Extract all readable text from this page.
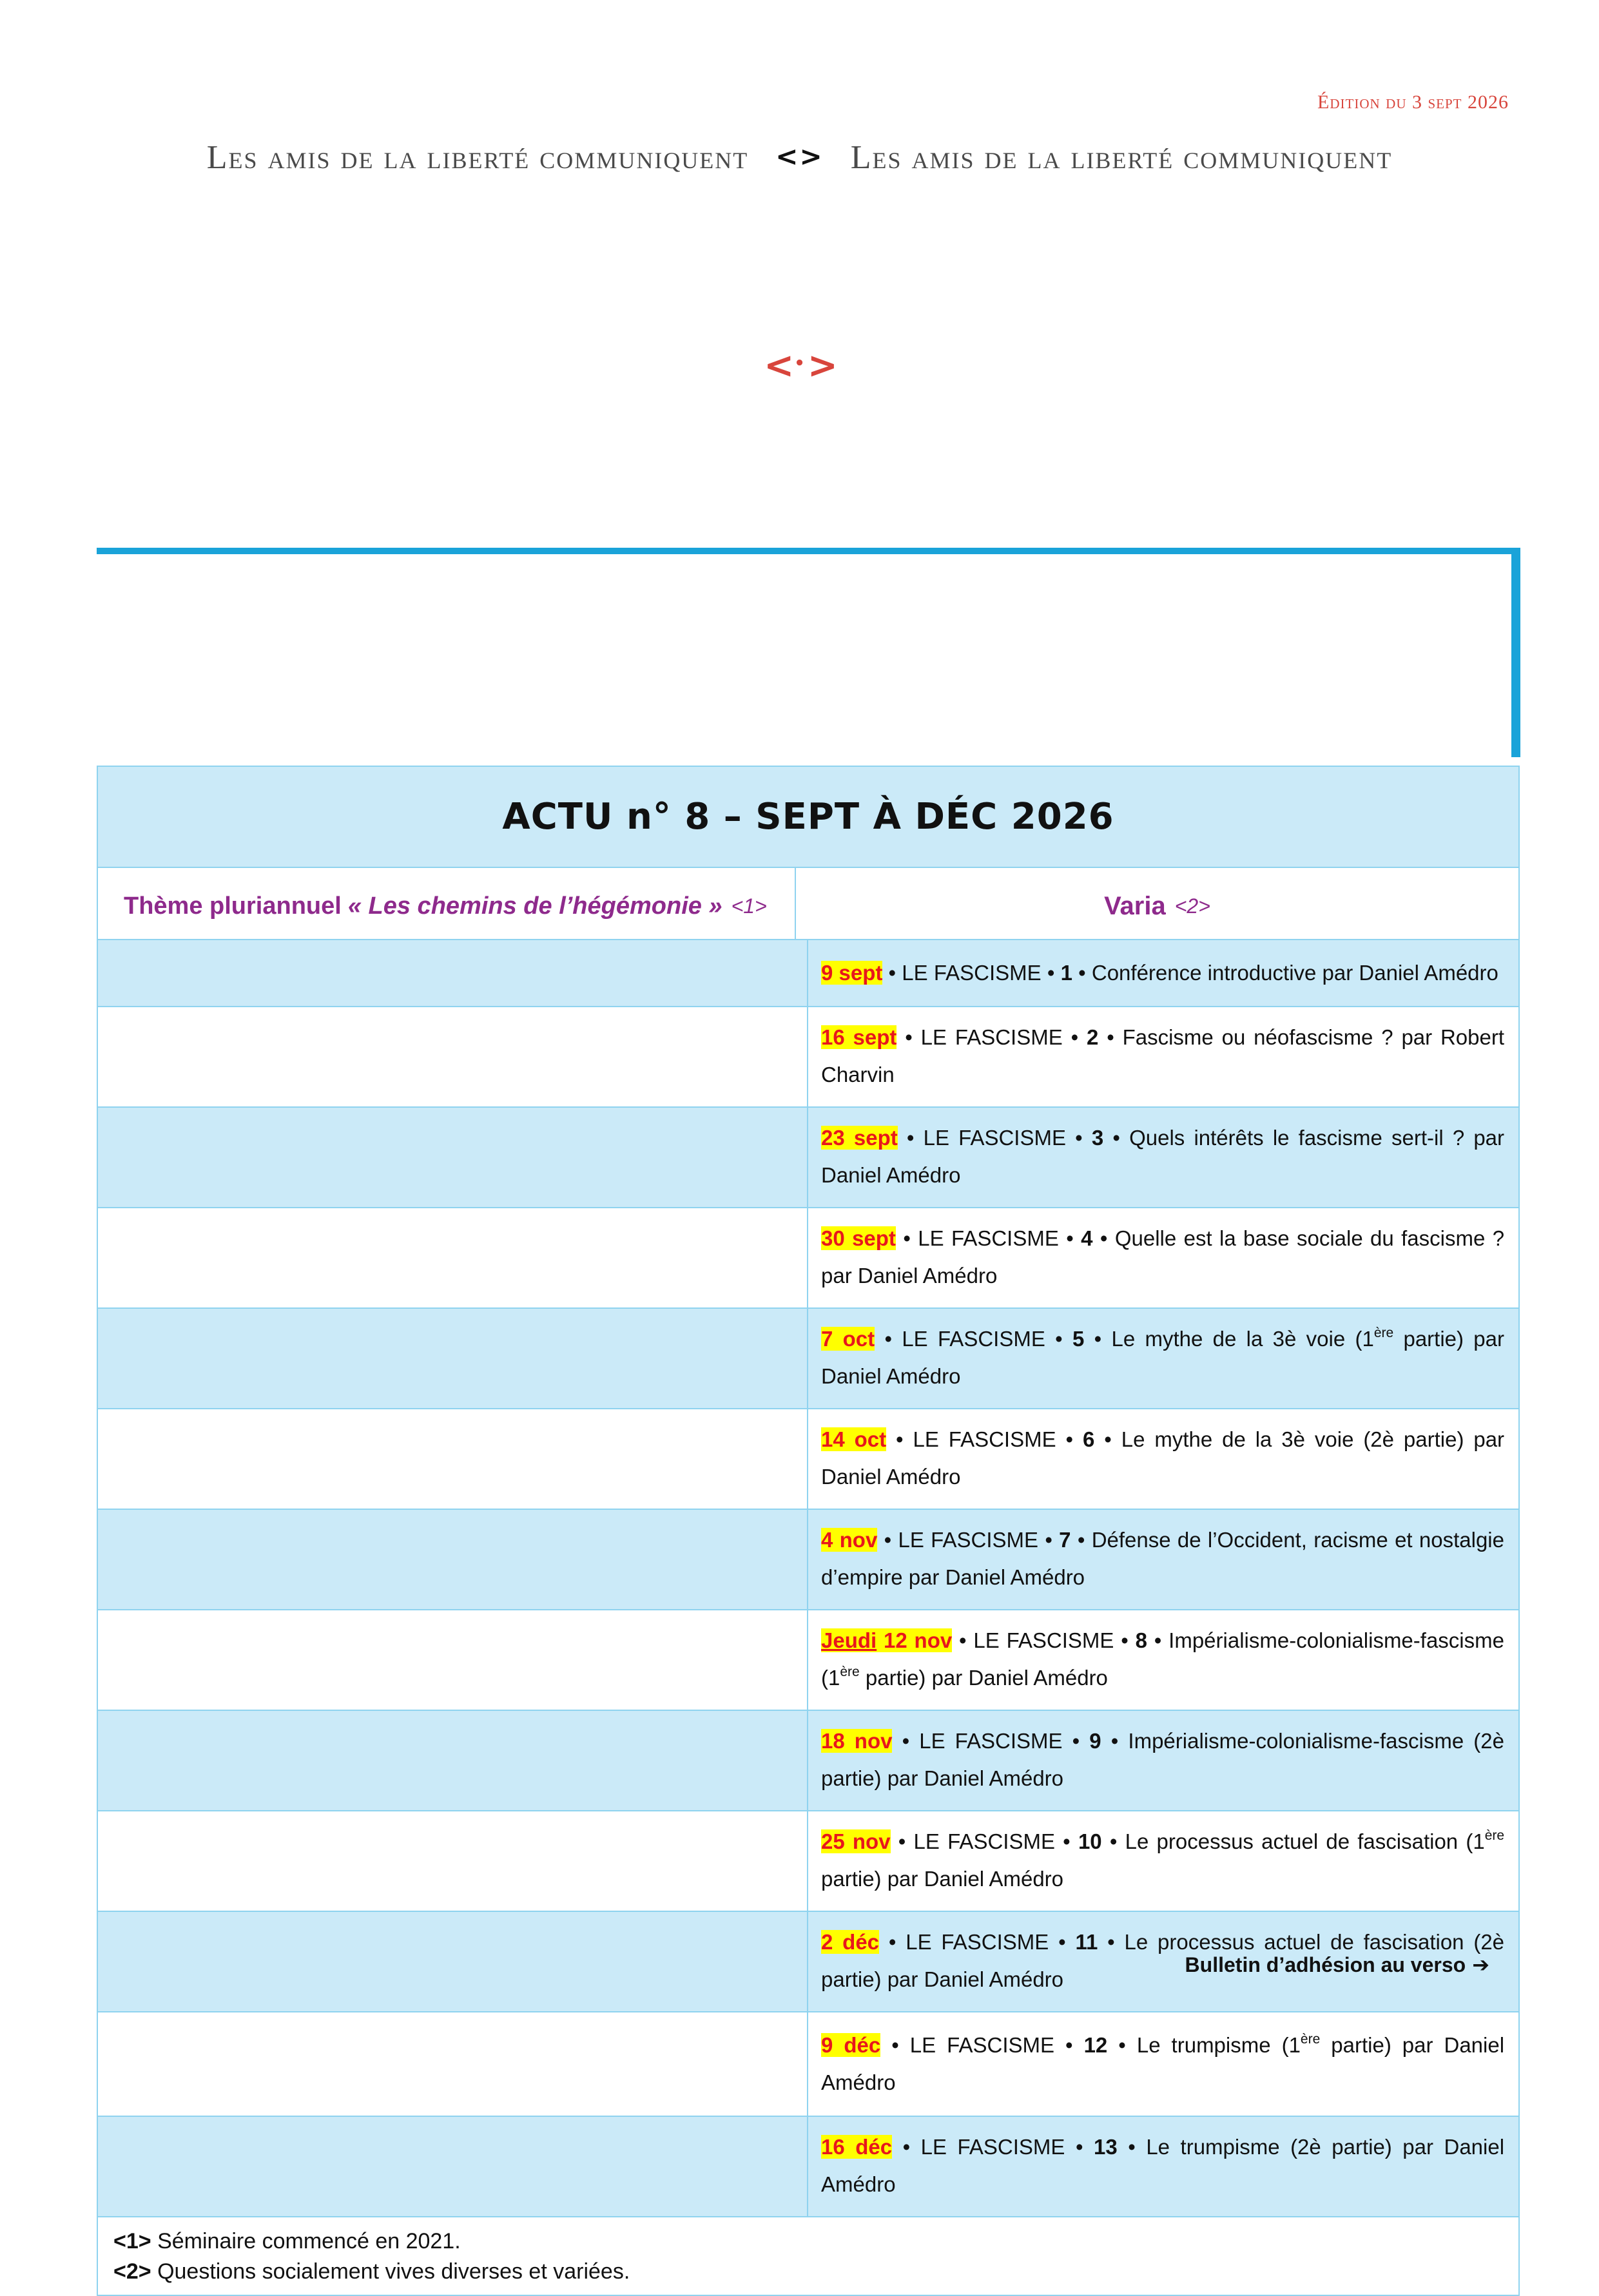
Édition du 3 sept 2026
Les amis de la liberté communiquent <> Les amis de la liberté communiquent
< •>
ACTU n° 8 – SEPT À DÉC 2026
Thème pluriannuel « Les chemins de l’hégémonie » <1>	Varia <2>
9 sept • LE FASCISME • 1 • Conférence introductive par Daniel Amédro
16 sept • LE FASCISME • 2 • Fascisme ou néofascisme ? par Robert Charvin
23 sept • LE FASCISME • 3 • Quels intérêts le fascisme sert-il ? par Daniel Amédro
30 sept • LE FASCISME • 4 • Quelle est la base sociale du fascisme ? par Daniel Amédro
7 oct • LE FASCISME • 5 • Le mythe de la 3è voie (1ère partie) par Daniel Amédro
14 oct • LE FASCISME • 6 • Le mythe de la 3è voie (2è partie) par Daniel Amédro
4 nov • LE FASCISME • 7 • Défense de l’Occident, racisme et nostalgie d’empire par Daniel Amédro
Jeudi 12 nov • LE FASCISME • 8 • Impérialisme-colonialisme-fascisme (1ère partie) par Daniel Amédro
18 nov • LE FASCISME • 9 • Impérialisme-colonialisme-fascisme (2è partie) par Daniel Amédro
25 nov • LE FASCISME • 10 • Le processus actuel de fascisation (1ère partie) par Daniel Amédro
2 déc • LE FASCISME • 11 • Le processus actuel de fascisation (2è partie) par Daniel Amédro
9 déc • LE FASCISME • 12 • Le trumpisme (1ère partie) par Daniel Amédro
16 déc • LE FASCISME • 13 • Le trumpisme (2è partie) par Daniel Amédro
<1> Séminaire commencé en 2021.
<2> Questions socialement vives diverses et variées.
Bulletin d’adhésion au verso ➔
